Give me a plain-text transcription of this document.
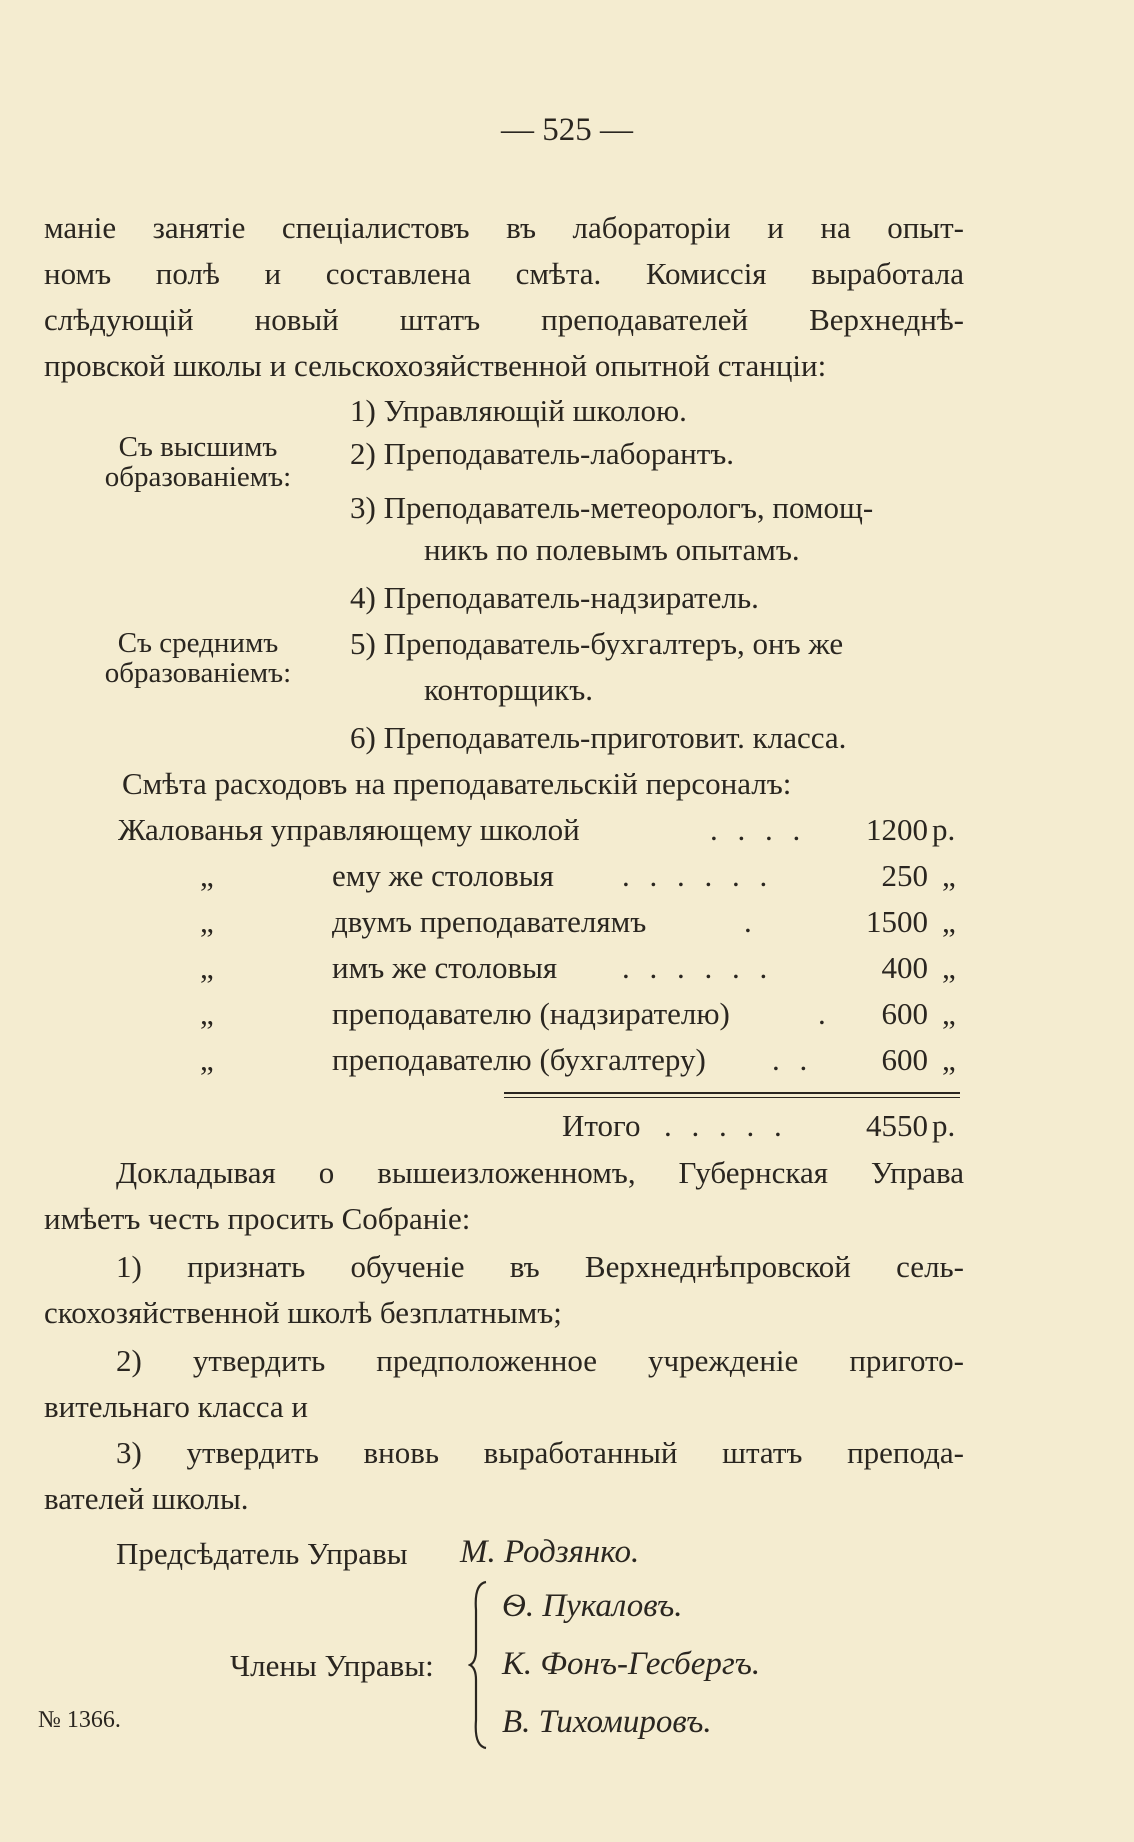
— 525 —
маніе занятіе спеціалистовъ въ лабораторіи и на опыт-
номъ полѣ и составлена смѣта. Комиссія выработала
слѣдующій новый штатъ преподавателей Верхнеднѣ-
провской школы и сельскохозяйственной опытной станціи:
Съ высшимъ
образованіемъ:
Съ среднимъ
образованіемъ:
1) Управляющій школою.
2) Преподаватель-лаборантъ.
3) Преподаватель-метеорологъ, помощ-
никъ по полевымъ опытамъ.
4) Преподаватель-надзиратель.
5) Преподаватель-бухгалтеръ, онъ же
конторщикъ.
6) Преподаватель-приготовит. класса.
Смѣта расходовъ на преподавательскій персоналъ:
Жалованья управляющему школой	. . . .	1200 р.
„	ему же столовыя . . . . . .	250 „
„	двумъ преподавателямъ	.	1500 „
„	имъ же столовыя . . . . . .	400 „
„	преподавателю (надзирателю)	.	600 „
„	преподавателю (бухгалтеру) . .	600 „
Итого . . . . .	4550 р.
Докладывая о вышеизложенномъ, Губернская Управа
имѣетъ честь просить Собраніе:
1) признать обученіе въ Верхнеднѣпровской сель-
скохозяйственной школѣ безплатнымъ;
2) утвердить предположенное учрежденіе пригото-
вительнаго класса и
3) утвердить вновь выработанный штатъ препода-
вателей школы.
Предсѣдатель Управы М. Родзянко.
Ѳ. Пукаловъ.
Члены Управы: К. Фонъ-Гесбергъ.
В. Тихомировъ.
№ 1366.
